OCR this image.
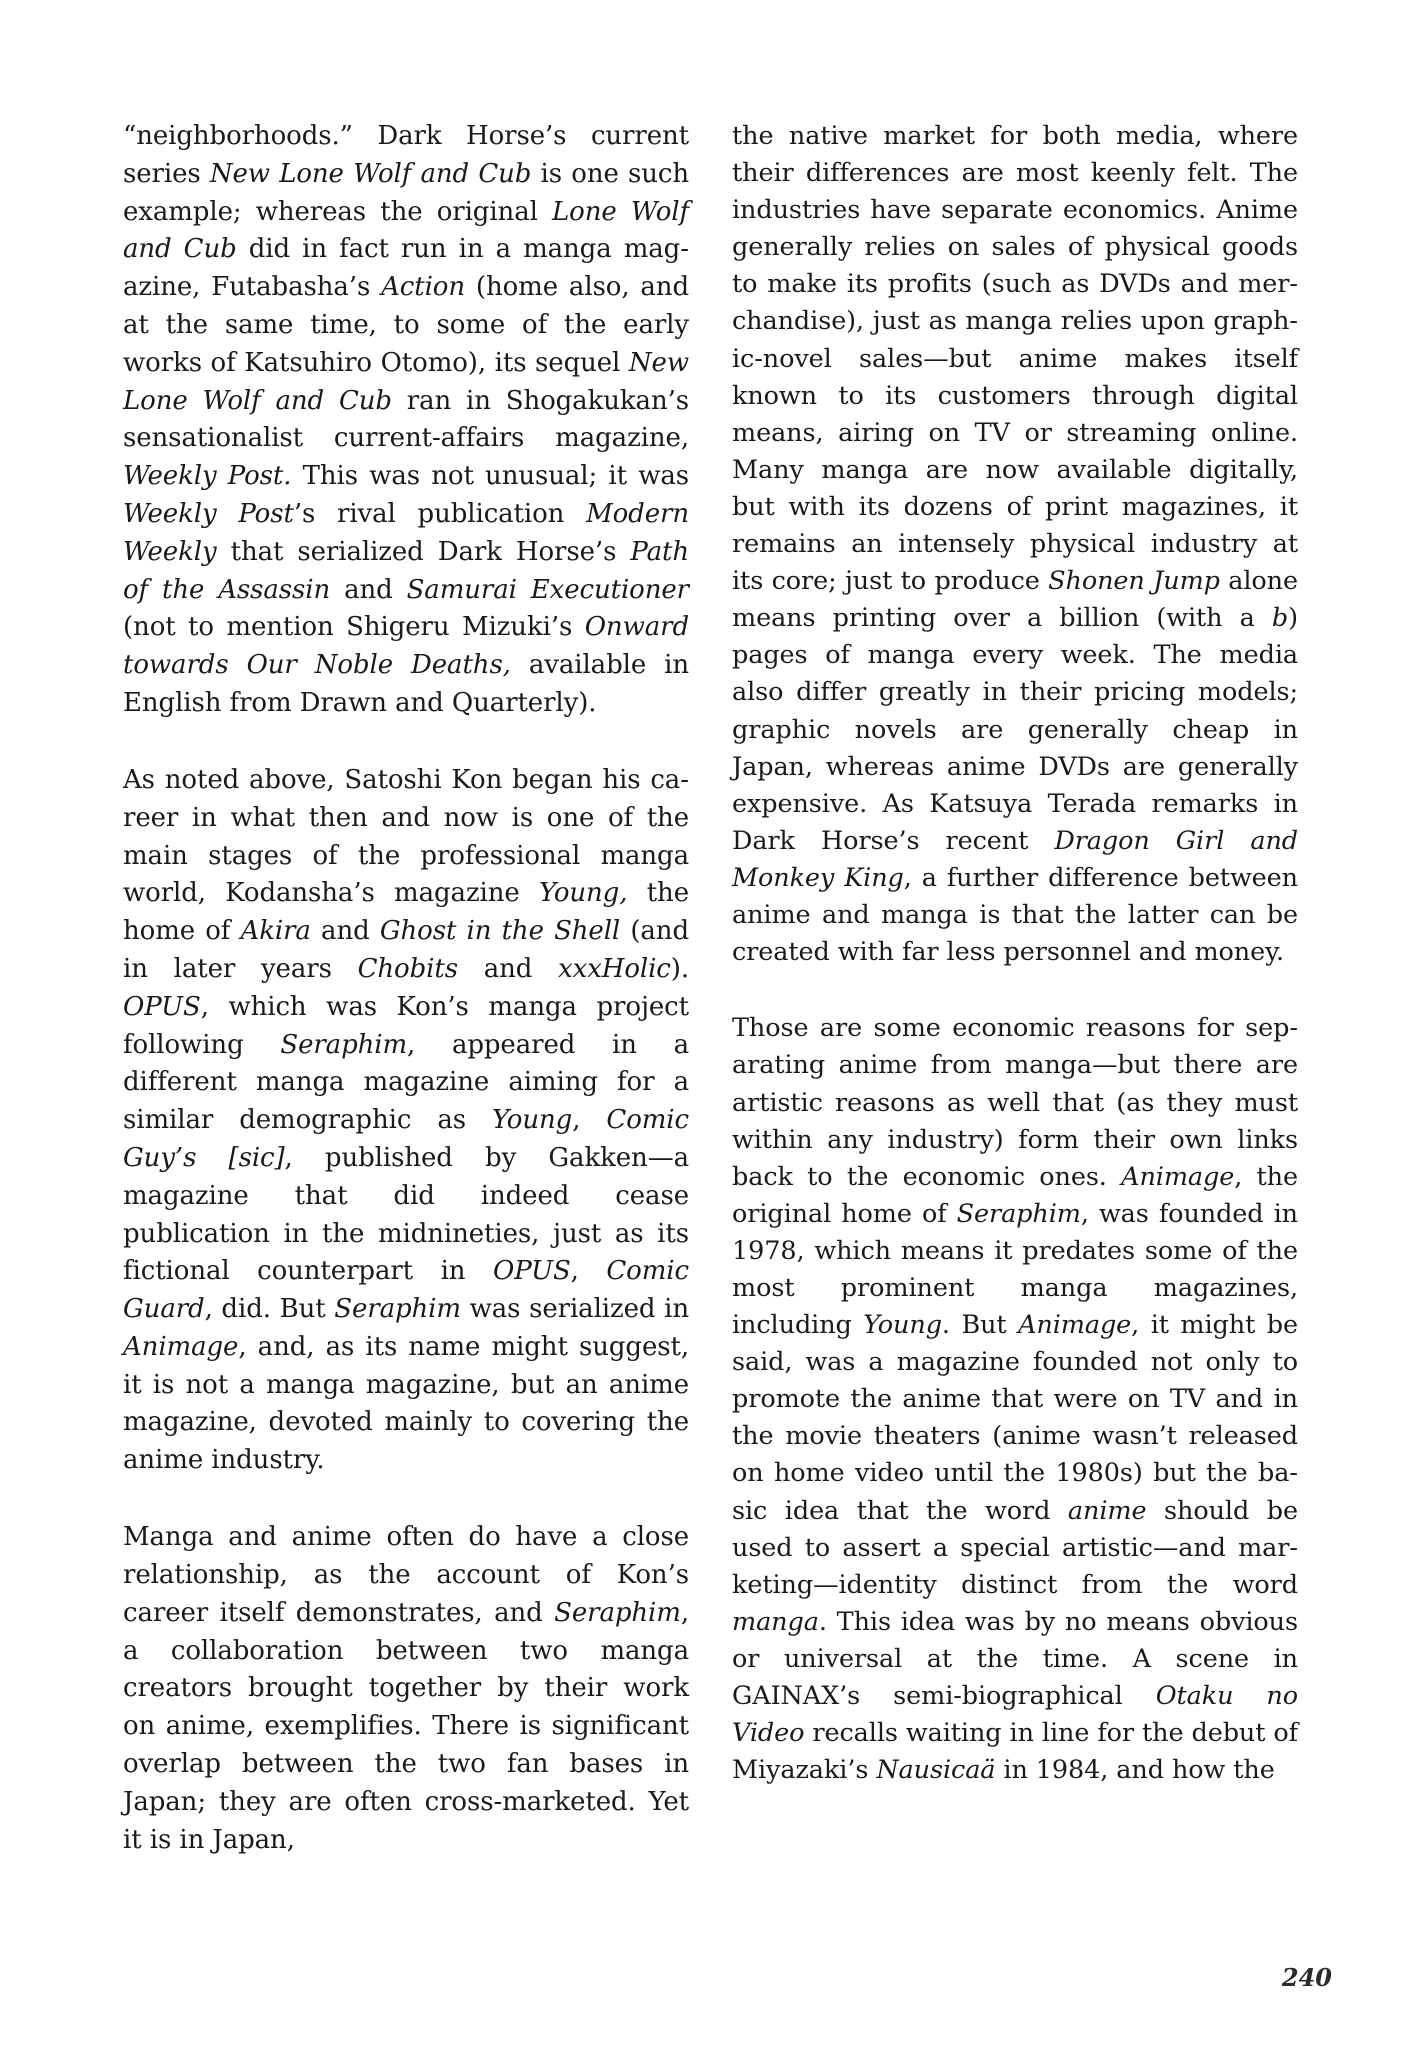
“neighborhoods.” Dark Horse’s current series New Lone Wolf and Cub is one such example; whereas the original Lone Wolf and Cub did in fact run in a manga magazine, Futabasha’s Action (home also, and at the same time, to some of the early works of Katsuhiro Otomo), its sequel New Lone Wolf and Cub ran in Shogakukan’s sensationalist current-affairs magazine, Weekly Post. This was not unusual; it was Weekly Post’s rival publication Modern Weekly that serialized Dark Horse’s Path of the Assassin and Samurai Executioner (not to mention Shigeru Mizuki’s Onward towards Our Noble Deaths, available in English from Drawn and Quarterly).

As noted above, Satoshi Kon began his career in what then and now is one of the main stages of the professional manga world, Kodansha’s magazine Young, the home of Akira and Ghost in the Shell (and in later years Chobits and xxxHolic). OPUS, which was Kon’s manga project following Seraphim, appeared in a different manga magazine aiming for a similar demographic as Young, Comic Guy’s [sic], published by Gakken—a magazine that did indeed cease publication in the midnineties, just as its fictional counterpart in OPUS, Comic Guard, did. But Seraphim was serialized in Animage, and, as its name might suggest, it is not a manga magazine, but an anime magazine, devoted mainly to covering the anime industry.

Manga and anime often do have a close relationship, as the account of Kon’s career itself demonstrates, and Seraphim, a collaboration between two manga creators brought together by their work on anime, exemplifies. There is significant overlap between the two fan bases in Japan; they are often cross-marketed. Yet it is in Japan,

the native market for both media, where their differences are most keenly felt. The industries have separate economics. Anime generally relies on sales of physical goods to make its profits (such as DVDs and merchandise), just as manga relies upon graphic-novel sales—but anime makes itself known to its customers through digital means, airing on TV or streaming online. Many manga are now available digitally, but with its dozens of print magazines, it remains an intensely physical industry at its core; just to produce Shonen Jump alone means printing over a billion (with a b) pages of manga every week. The media also differ greatly in their pricing models; graphic novels are generally cheap in Japan, whereas anime DVDs are generally expensive. As Katsuya Terada remarks in Dark Horse’s recent Dragon Girl and Monkey King, a further difference between anime and manga is that the latter can be created with far less personnel and money.

Those are some economic reasons for separating anime from manga—but there are artistic reasons as well that (as they must within any industry) form their own links back to the economic ones. Animage, the original home of Seraphim, was founded in 1978, which means it predates some of the most prominent manga magazines, including Young. But Animage, it might be said, was a magazine founded not only to promote the anime that were on TV and in the movie theaters (anime wasn’t released on home video until the 1980s) but the basic idea that the word anime should be used to assert a special artistic—and marketing—identity distinct from the word manga. This idea was by no means obvious or universal at the time. A scene in GAINAX’s semi-biographical Otaku no Video recalls waiting in line for the debut of Miyazaki’s Nausicaä in 1984, and how the

240
